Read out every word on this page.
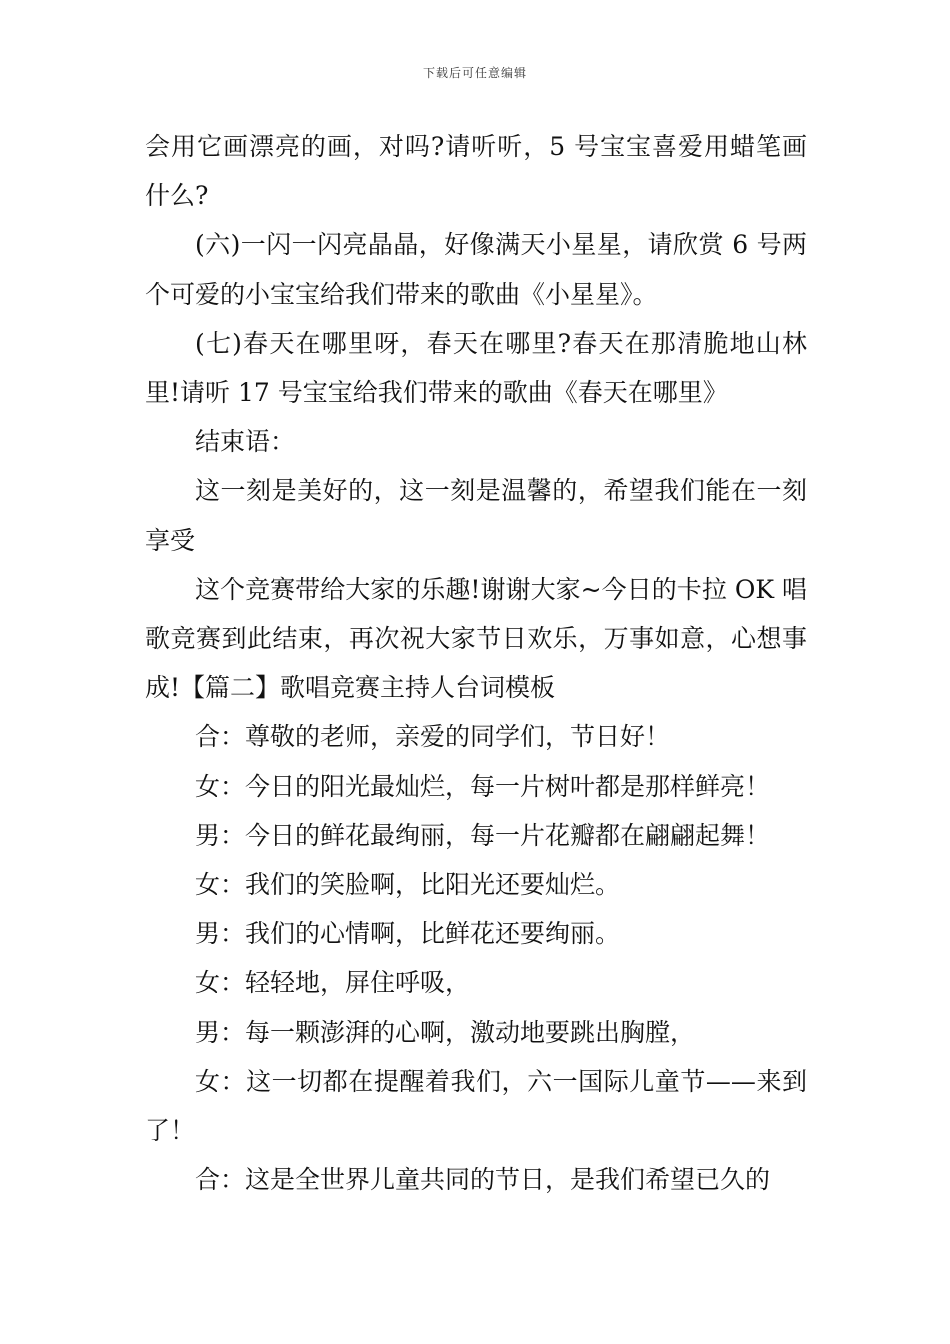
下载后可任意编辑

会用它画漂亮的画，对吗?请听听，5 号宝宝喜爱用蜡笔画什么?

(六)一闪一闪亮晶晶，好像满天小星星，请欣赏 6 号两个可爱的小宝宝给我们带来的歌曲《小星星》。

(七)春天在哪里呀，春天在哪里?春天在那清脆地山林里!请听 17 号宝宝给我们带来的歌曲《春天在哪里》

结束语：

这一刻是美好的，这一刻是温馨的，希望我们能在一刻享受

这个竞赛带给大家的乐趣!谢谢大家~今日的卡拉 OK 唱歌竞赛到此结束，再次祝大家节日欢乐，万事如意，心想事成!【篇二】歌唱竞赛主持人台词模板

合：尊敬的老师，亲爱的同学们，节日好！

女：今日的阳光最灿烂，每一片树叶都是那样鲜亮！

男：今日的鲜花最绚丽，每一片花瓣都在翩翩起舞！

女：我们的笑脸啊，比阳光还要灿烂。

男：我们的心情啊，比鲜花还要绚丽。

女：轻轻地，屏住呼吸，

男：每一颗澎湃的心啊，激动地要跳出胸膛，

女：这一切都在提醒着我们，六一国际儿童节——来到了！

合：这是全世界儿童共同的节日，是我们希望已久的
